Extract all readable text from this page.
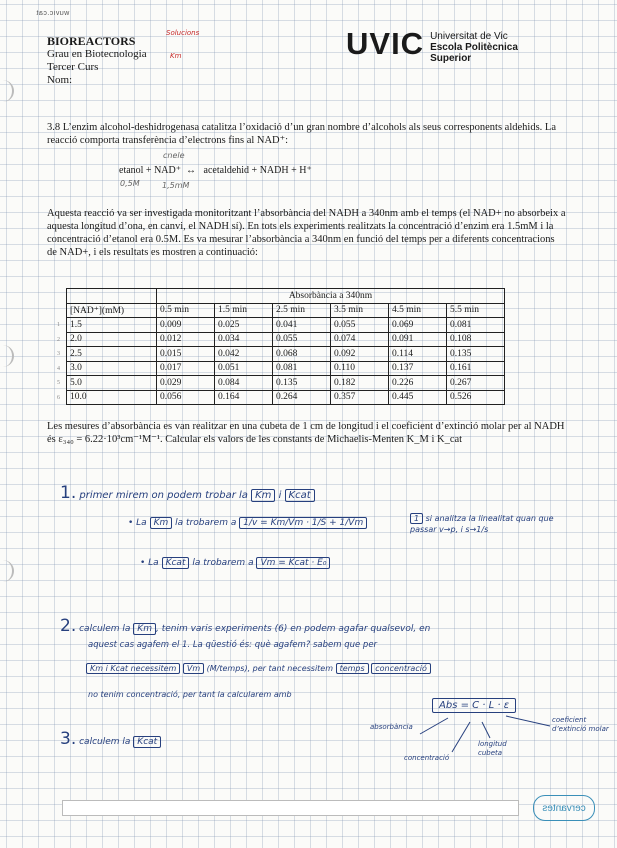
wuvic.cat
BIOREACTORS
Grau en Biotecnologia
Tercer Curs
Nom:
Solucions
Km	UVIC Universitat de Vic
Escola Politècnica
Superior
3.8 L’enzim alcohol-deshidrogenasa catalitza l’oxidació d’un gran nombre d’alcohols als seus corresponents aldehids. La reacció comporta transferència d’electrons fins al NAD⁺:
cnele
etanol + NAD⁺ ↔ acetaldehid + NADH + H⁺
0,5M	1,5mM
Aquesta reacció va ser investigada monitoritzant l’absorbància del NADH a 340nm amb el temps (el NAD+ no absorbeix a aquesta longitud d’ona, en canvi, el NADH sí). En tots els experiments realitzats la concentració d’enzim era 1.5mM i la concentració d’etanol era 0.5M. Es va mesurar l’absorbància a 340nm en funció del temps per a diferents concentracions de NAD+, i els resultats es mostren a continuació:
	Absorbància a 340nm					
[NAD⁺](mM)	0.5 min	1.5 min	2.5 min	3.5 min	4.5 min	5.5 min
1.5	0.009	0.025	0.041	0.055	0.069	0.081
2.0	0.012	0.034	0.055	0.074	0.091	0.108
2.5	0.015	0.042	0.068	0.092	0.114	0.135
3.0	0.017	0.051	0.081	0.110	0.137	0.161
5.0	0.029	0.084	0.135	0.182	0.226	0.267
10.0	0.056	0.164	0.264	0.357	0.445	0.526
1
2
3
4
5
6
Les mesures d’absorbància es van realitzar en una cubeta de 1 cm de longitud i el coeficient d’extinció molar per al NADH és ε₃₄₀ = 6.22·10³cm⁻¹M⁻¹. Calcular els valors de les constants de Michaelis-Menten K_M i K_cat
1. primer mirem on podem trobar la Km i Kcat
• La Km la trobarem a 1/v = Km/Vm · 1/S + 1/Vm	1 si analitza la linealitat quan que passar v→p, i s→1/s
• La Kcat la trobarem a Vm = Kcat · E₀
2. calculem la Km , tenim varis experiments (6) en podem agafar qualsevol, en
aquest cas agafem el 1. La qüestió és: què agafem? sabem que per
Km i Kcat necessitem Vm (M/temps), per tant necessitem temps concentració
no tenim concentració, per tant la calcularem amb
Abs = C · L · ε
absorbància
concentració
longitud cubeta
coeficient d’extinció molar
3. calculem la Kcat
cervantes
